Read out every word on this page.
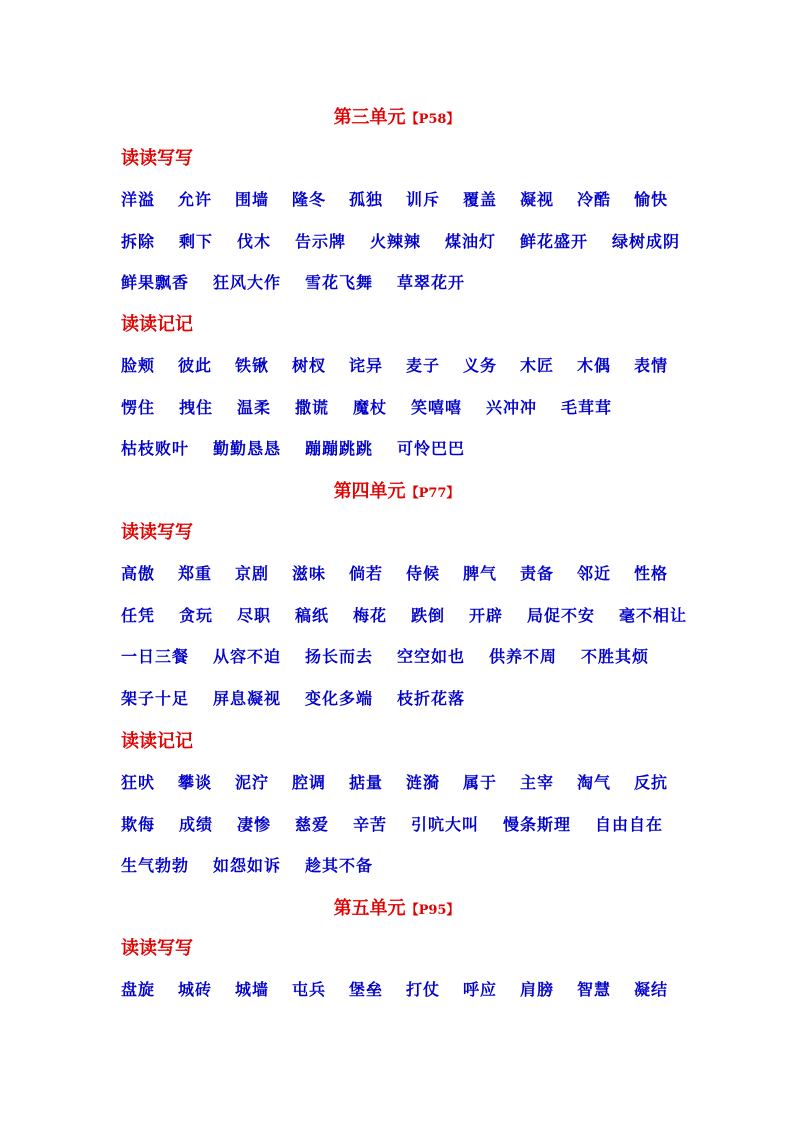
第三单元【P58】
读读写写
洋溢 允许 围墙 隆冬 孤独 训斥 覆盖 凝视 冷酷 愉快
拆除 剩下 伐木 告示牌 火辣辣 煤油灯 鲜花盛开 绿树成阴
鲜果飘香 狂风大作 雪花飞舞 草翠花开
读读记记
脸颊 彼此 铁锹 树杈 诧异 麦子 义务 木匠 木偶 表情
愣住 拽住 温柔 撒谎 魔杖 笑嘻嘻 兴冲冲 毛茸茸
枯枝败叶 勤勤恳恳 蹦蹦跳跳 可怜巴巴
第四单元【P77】
读读写写
高傲 郑重 京剧 滋味 倘若 侍候 脾气 责备 邻近 性格
任凭 贪玩 尽职 稿纸 梅花 跌倒 开辟 局促不安 毫不相让
一日三餐 从容不迫 扬长而去 空空如也 供养不周 不胜其烦
架子十足 屏息凝视 变化多端 枝折花落
读读记记
狂吠 攀谈 泥泞 腔调 掂量 涟漪 属于 主宰 淘气 反抗
欺侮 成绩 凄惨 慈爱 辛苦 引吭大叫 慢条斯理 自由自在
生气勃勃 如怨如诉 趁其不备
第五单元【P95】
读读写写
盘旋 城砖 城墙 屯兵 堡垒 打仗 呼应 肩膀 智慧 凝结
